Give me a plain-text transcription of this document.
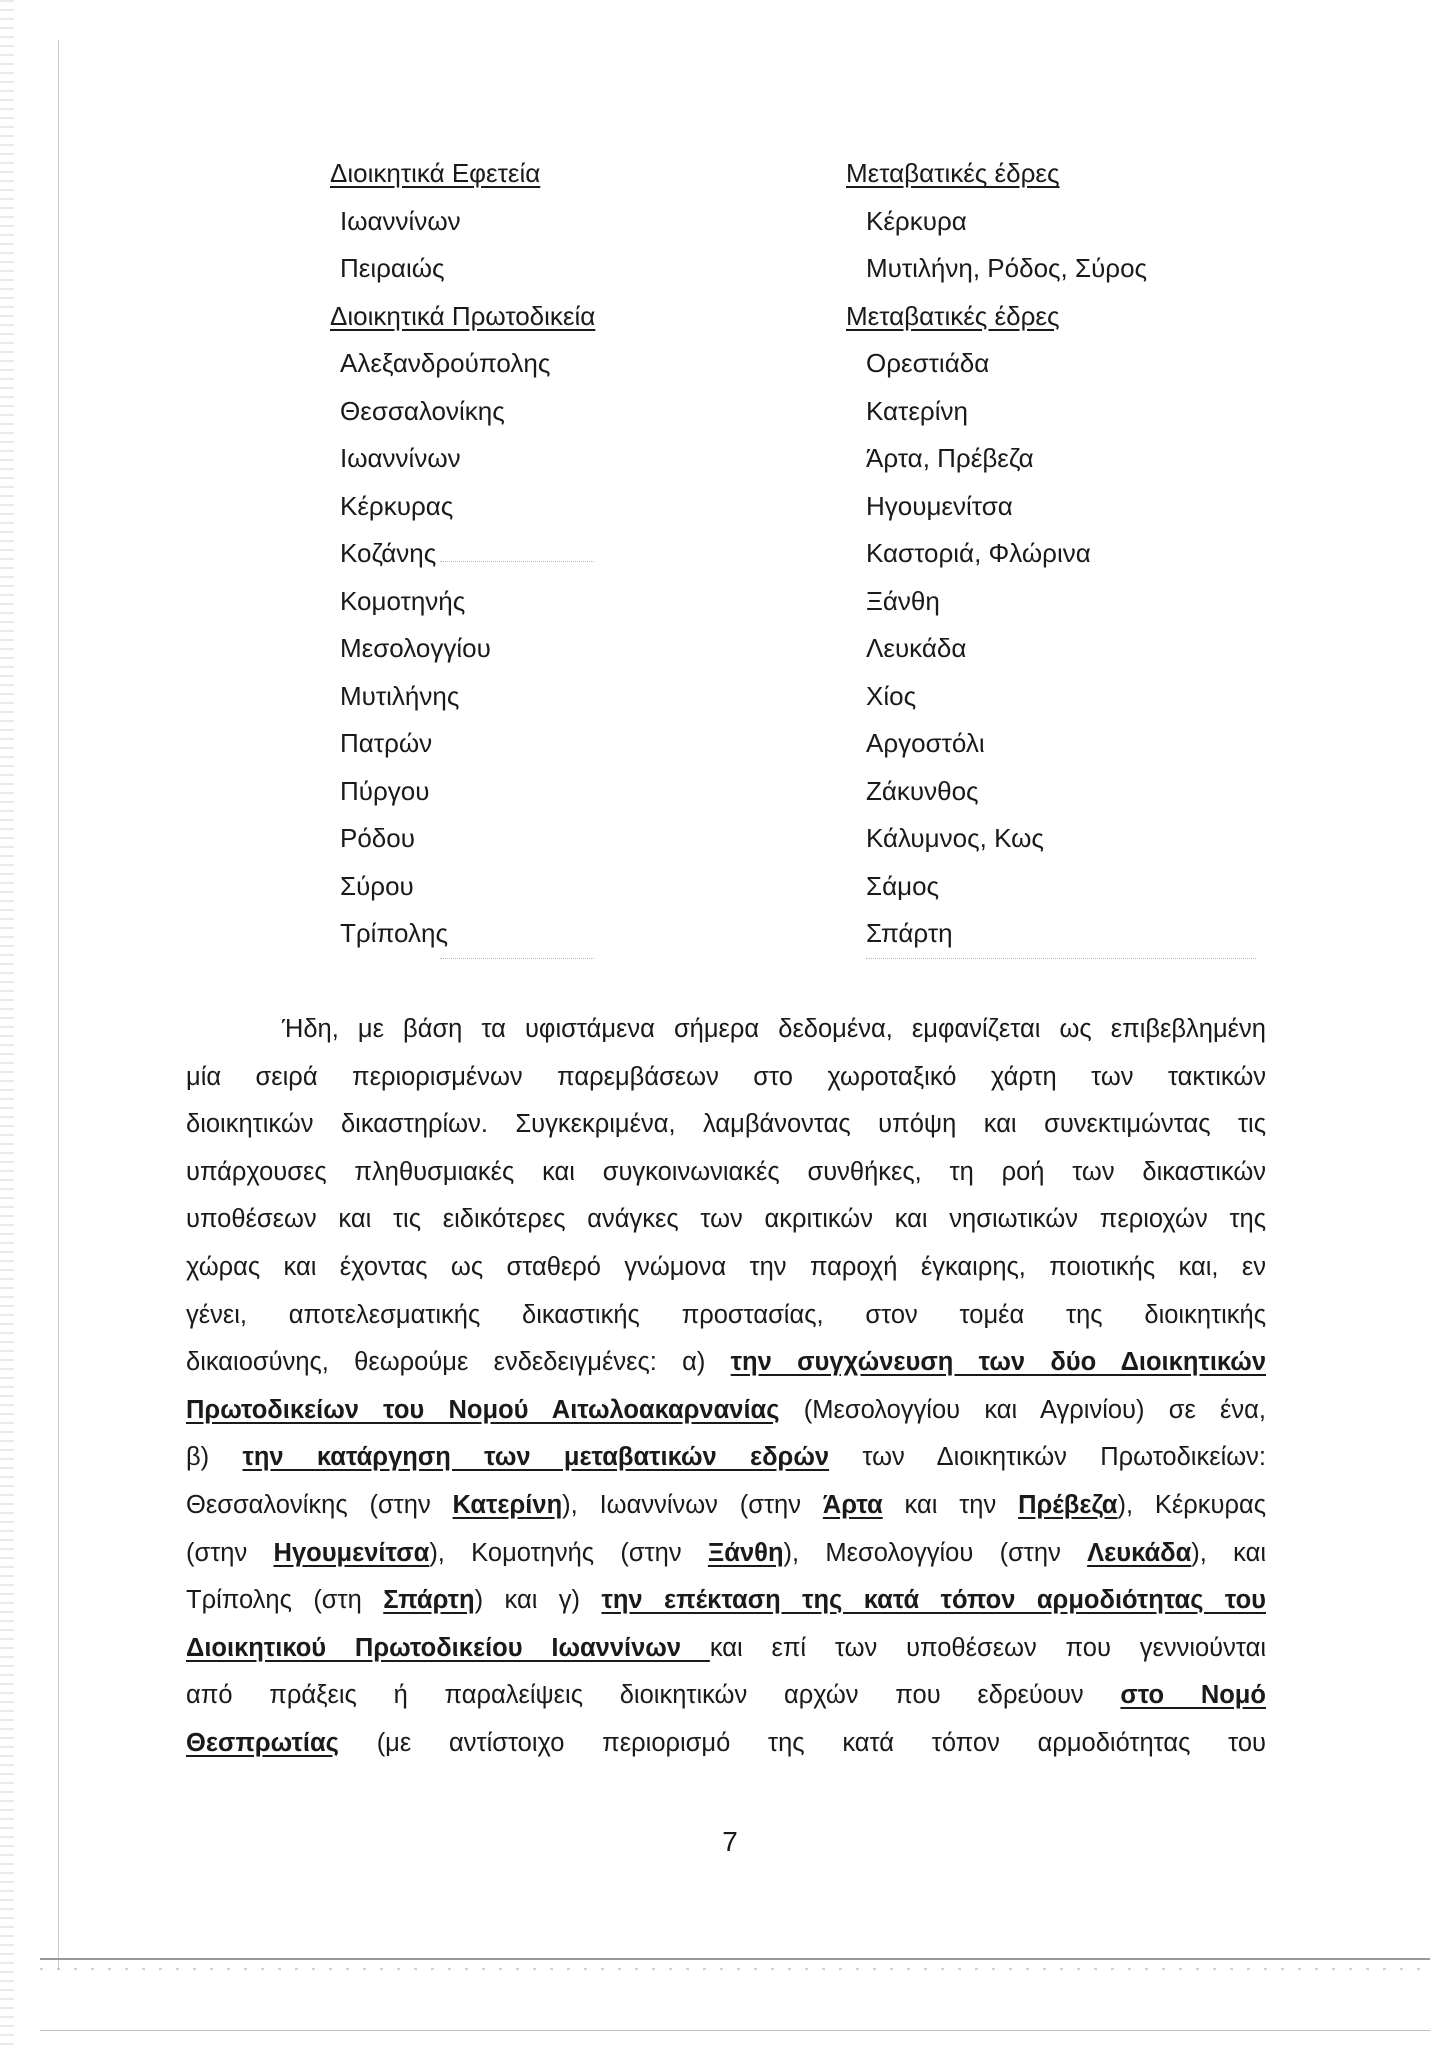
Διοικητικά Εφετεία
Ιωαννίνων
Πειραιώς
Διοικητικά Πρωτοδικεία
Αλεξανδρούπολης
Θεσσαλονίκης
Ιωαννίνων
Κέρκυρας
Κοζάνης
Κομοτηνής
Μεσολογγίου
Μυτιλήνης
Πατρών
Πύργου
Ρόδου
Σύρου
Τρίπολης
Μεταβατικές έδρες
Κέρκυρα
Μυτιλήνη, Ρόδος, Σύρος
Μεταβατικές έδρες
Ορεστιάδα
Κατερίνη
Άρτα, Πρέβεζα
Ηγουμενίτσα
Καστοριά, Φλώρινα
Ξάνθη
Λευκάδα
Χίος
Αργοστόλι
Ζάκυνθος
Κάλυμνος, Κως
Σάμος
Σπάρτη
Ήδη, με βάση τα υφιστάμενα σήμερα δεδομένα, εμφανίζεται ως επιβεβλημένη
μία σειρά περιορισμένων παρεμβάσεων στο χωροταξικό χάρτη των τακτικών
διοικητικών δικαστηρίων. Συγκεκριμένα, λαμβάνοντας υπόψη και συνεκτιμώντας τις
υπάρχουσες πληθυσμιακές και συγκοινωνιακές συνθήκες, τη ροή των δικαστικών
υποθέσεων και τις ειδικότερες ανάγκες των ακριτικών και νησιωτικών περιοχών της
χώρας και έχοντας ως σταθερό γνώμονα την παροχή έγκαιρης, ποιοτικής και, εν
γένει, αποτελεσματικής δικαστικής προστασίας, στον τομέα της διοικητικής
δικαιοσύνης, θεωρούμε ενδεδειγμένες: α) την συγχώνευση των δύο Διοικητικών
Πρωτοδικείων του Νομού Αιτωλοακαρνανίας (Μεσολογγίου και Αγρινίου) σε ένα,
β) την κατάργηση των μεταβατικών εδρών των Διοικητικών Πρωτοδικείων:
Θεσσαλονίκης (στην Κατερίνη), Ιωαννίνων (στην Άρτα και την Πρέβεζα), Κέρκυρας
(στην Ηγουμενίτσα), Κομοτηνής (στην Ξάνθη), Μεσολογγίου (στην Λευκάδα), και
Τρίπολης (στη Σπάρτη) και γ) την επέκταση της κατά τόπον αρμοδιότητας του
Διοικητικού Πρωτοδικείου Ιωαννίνων και επί των υποθέσεων που γεννιούνται
από πράξεις ή παραλείψεις διοικητικών αρχών που εδρεύουν στο Νομό
Θεσπρωτίας (με αντίστοιχο περιορισμό της κατά τόπον αρμοδιότητας του
7
